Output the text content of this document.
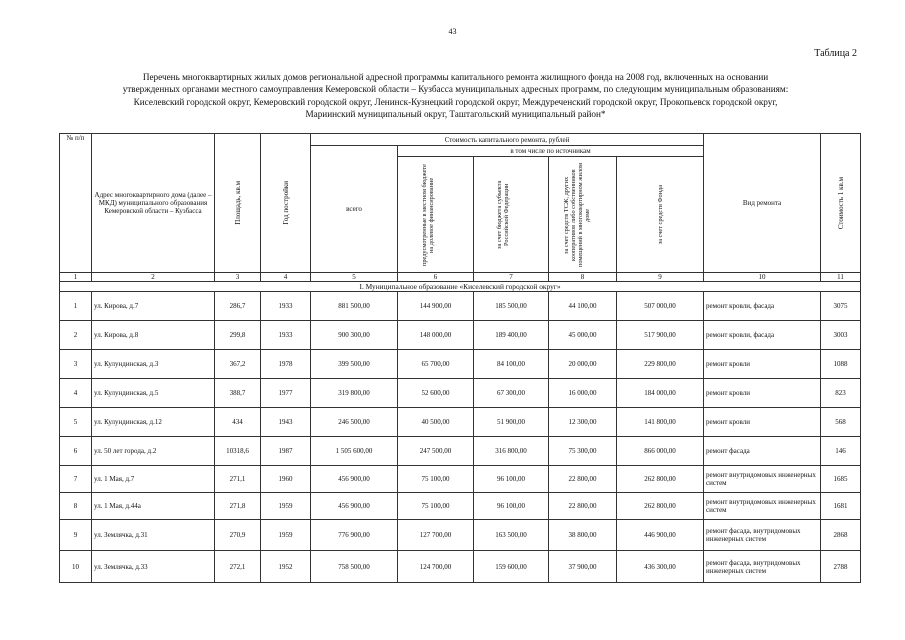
43
Таблица 2
Перечень многоквартирных жилых домов региональной адресной программы капитального ремонта жилищного фонда на 2008 год, включенных на основании
утвержденных органами местного самоуправления Кемеровской области – Кузбасса муниципальных адресных программ, по следующим муниципальным образованиям:
Киселевский городской округ, Кемеровский городской округ, Ленинск-Кузнецкий городской округ, Междуреченский городской округ, Прокопьевск городской округ,
Мариинский муниципальный округ, Таштагольский муниципальный район*
№ п/п	Адрес многоквартирного дома (далее – МКД) муниципального образования Кемеровской области – Кузбасса	Площадь, кв.м	Год постройки	Стоимость капитального ремонта, рублей					Вид ремонта	Стоимость 1 кв.м

				всего	в том числе по источникам					

					предусмотренные в местном бюджете на долевое финансирование	за счет бюджета субъекта Российской Федерации	за счет средств ТСЖ, других кооперативов либо собственников помещений в многоквартирном жилом доме	за счет средств Фонда		

1	2	3	4	5	6	7	8	9	10	11
I. Муниципальное образование «Киселевский городской округ»										
1	ул. Кирова, д.7	286,7	1933	881 500,00	144 900,00	185 500,00	44 100,00	507 000,00	ремонт кровли, фасада	3075
2	ул. Кирова, д.8	299,8	1933	900 300,00	148 000,00	189 400,00	45 000,00	517 900,00	ремонт кровли, фасада	3003
3	ул. Кулундинская, д.3	367,2	1978	399 500,00	65 700,00	84 100,00	20 000,00	229 800,00	ремонт кровли	1088
4	ул. Кулундинская, д.5	388,7	1977	319 800,00	52 600,00	67 300,00	16 000,00	184 000,00	ремонт кровли	823
5	ул. Кулундинская, д.12	434	1943	246 500,00	40 500,00	51 900,00	12 300,00	141 800,00	ремонт кровли	568
6	ул. 50 лет города, д.2	10318,6	1987	1 505 600,00	247 500,00	316 800,00	75 300,00	866 000,00	ремонт фасада	146
7	ул. 1 Мая, д.7	271,1	1960	456 900,00	75 100,00	96 100,00	22 800,00	262 800,00	ремонт внутридомовых инженерных систем	1685
8	ул. 1 Мая, д.44а	271,8	1959	456 900,00	75 100,00	96 100,00	22 800,00	262 800,00	ремонт внутридомовых инженерных систем	1681
9	ул. Землячка, д.31	270,9	1959	776 900,00	127 700,00	163 500,00	38 800,00	446 900,00	ремонт фасада, внутридомовых инженерных систем	2868
10	ул. Землячка, д.33	272,1	1952	758 500,00	124 700,00	159 600,00	37 900,00	436 300,00	ремонт фасада, внутридомовых инженерных систем	2788
